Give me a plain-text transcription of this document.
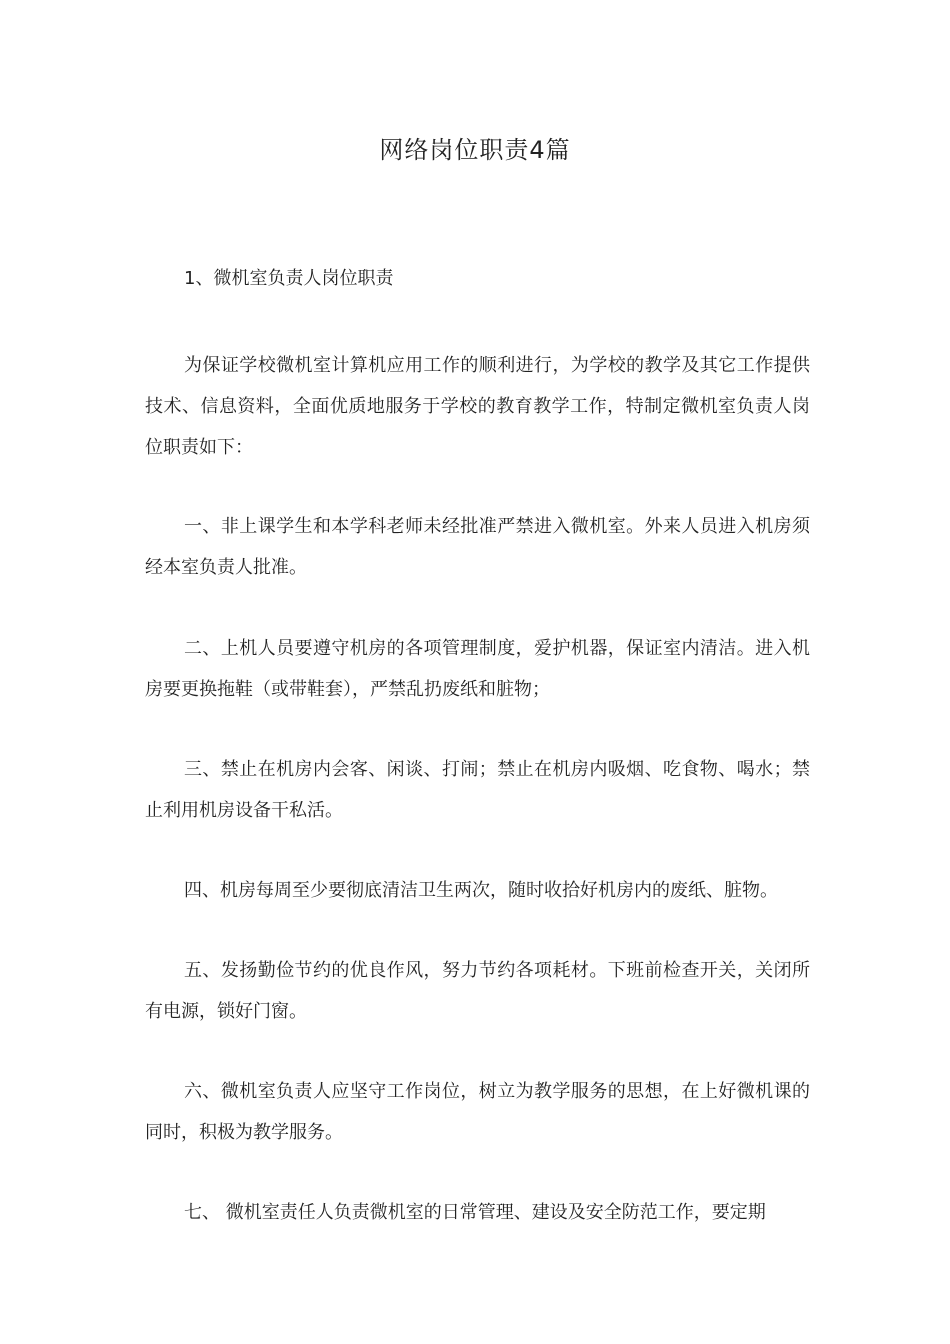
网络岗位职责4篇
1、微机室负责人岗位职责

为保证学校微机室计算机应用工作的顺利进行，为学校的教学及其它工作提供技术、信息资料，全面优质地服务于学校的教育教学工作，特制定微机室负责人岗位职责如下：

一、非上课学生和本学科老师未经批准严禁进入微机室。外来人员进入机房须经本室负责人批准。

二、上机人员要遵守机房的各项管理制度，爱护机器，保证室内清洁。进入机房要更换拖鞋（或带鞋套），严禁乱扔废纸和脏物；

三、禁止在机房内会客、闲谈、打闹；禁止在机房内吸烟、吃食物、喝水；禁止利用机房设备干私活。

四、机房每周至少要彻底清洁卫生两次，随时收拾好机房内的废纸、脏物。

五、发扬勤俭节约的优良作风，努力节约各项耗材。下班前检查开关，关闭所有电源，锁好门窗。

六、微机室负责人应坚守工作岗位，树立为教学服务的思想，在上好微机课的同时，积极为教学服务。

七、 微机室责任人负责微机室的日常管理、建设及安全防范工作，要定期
